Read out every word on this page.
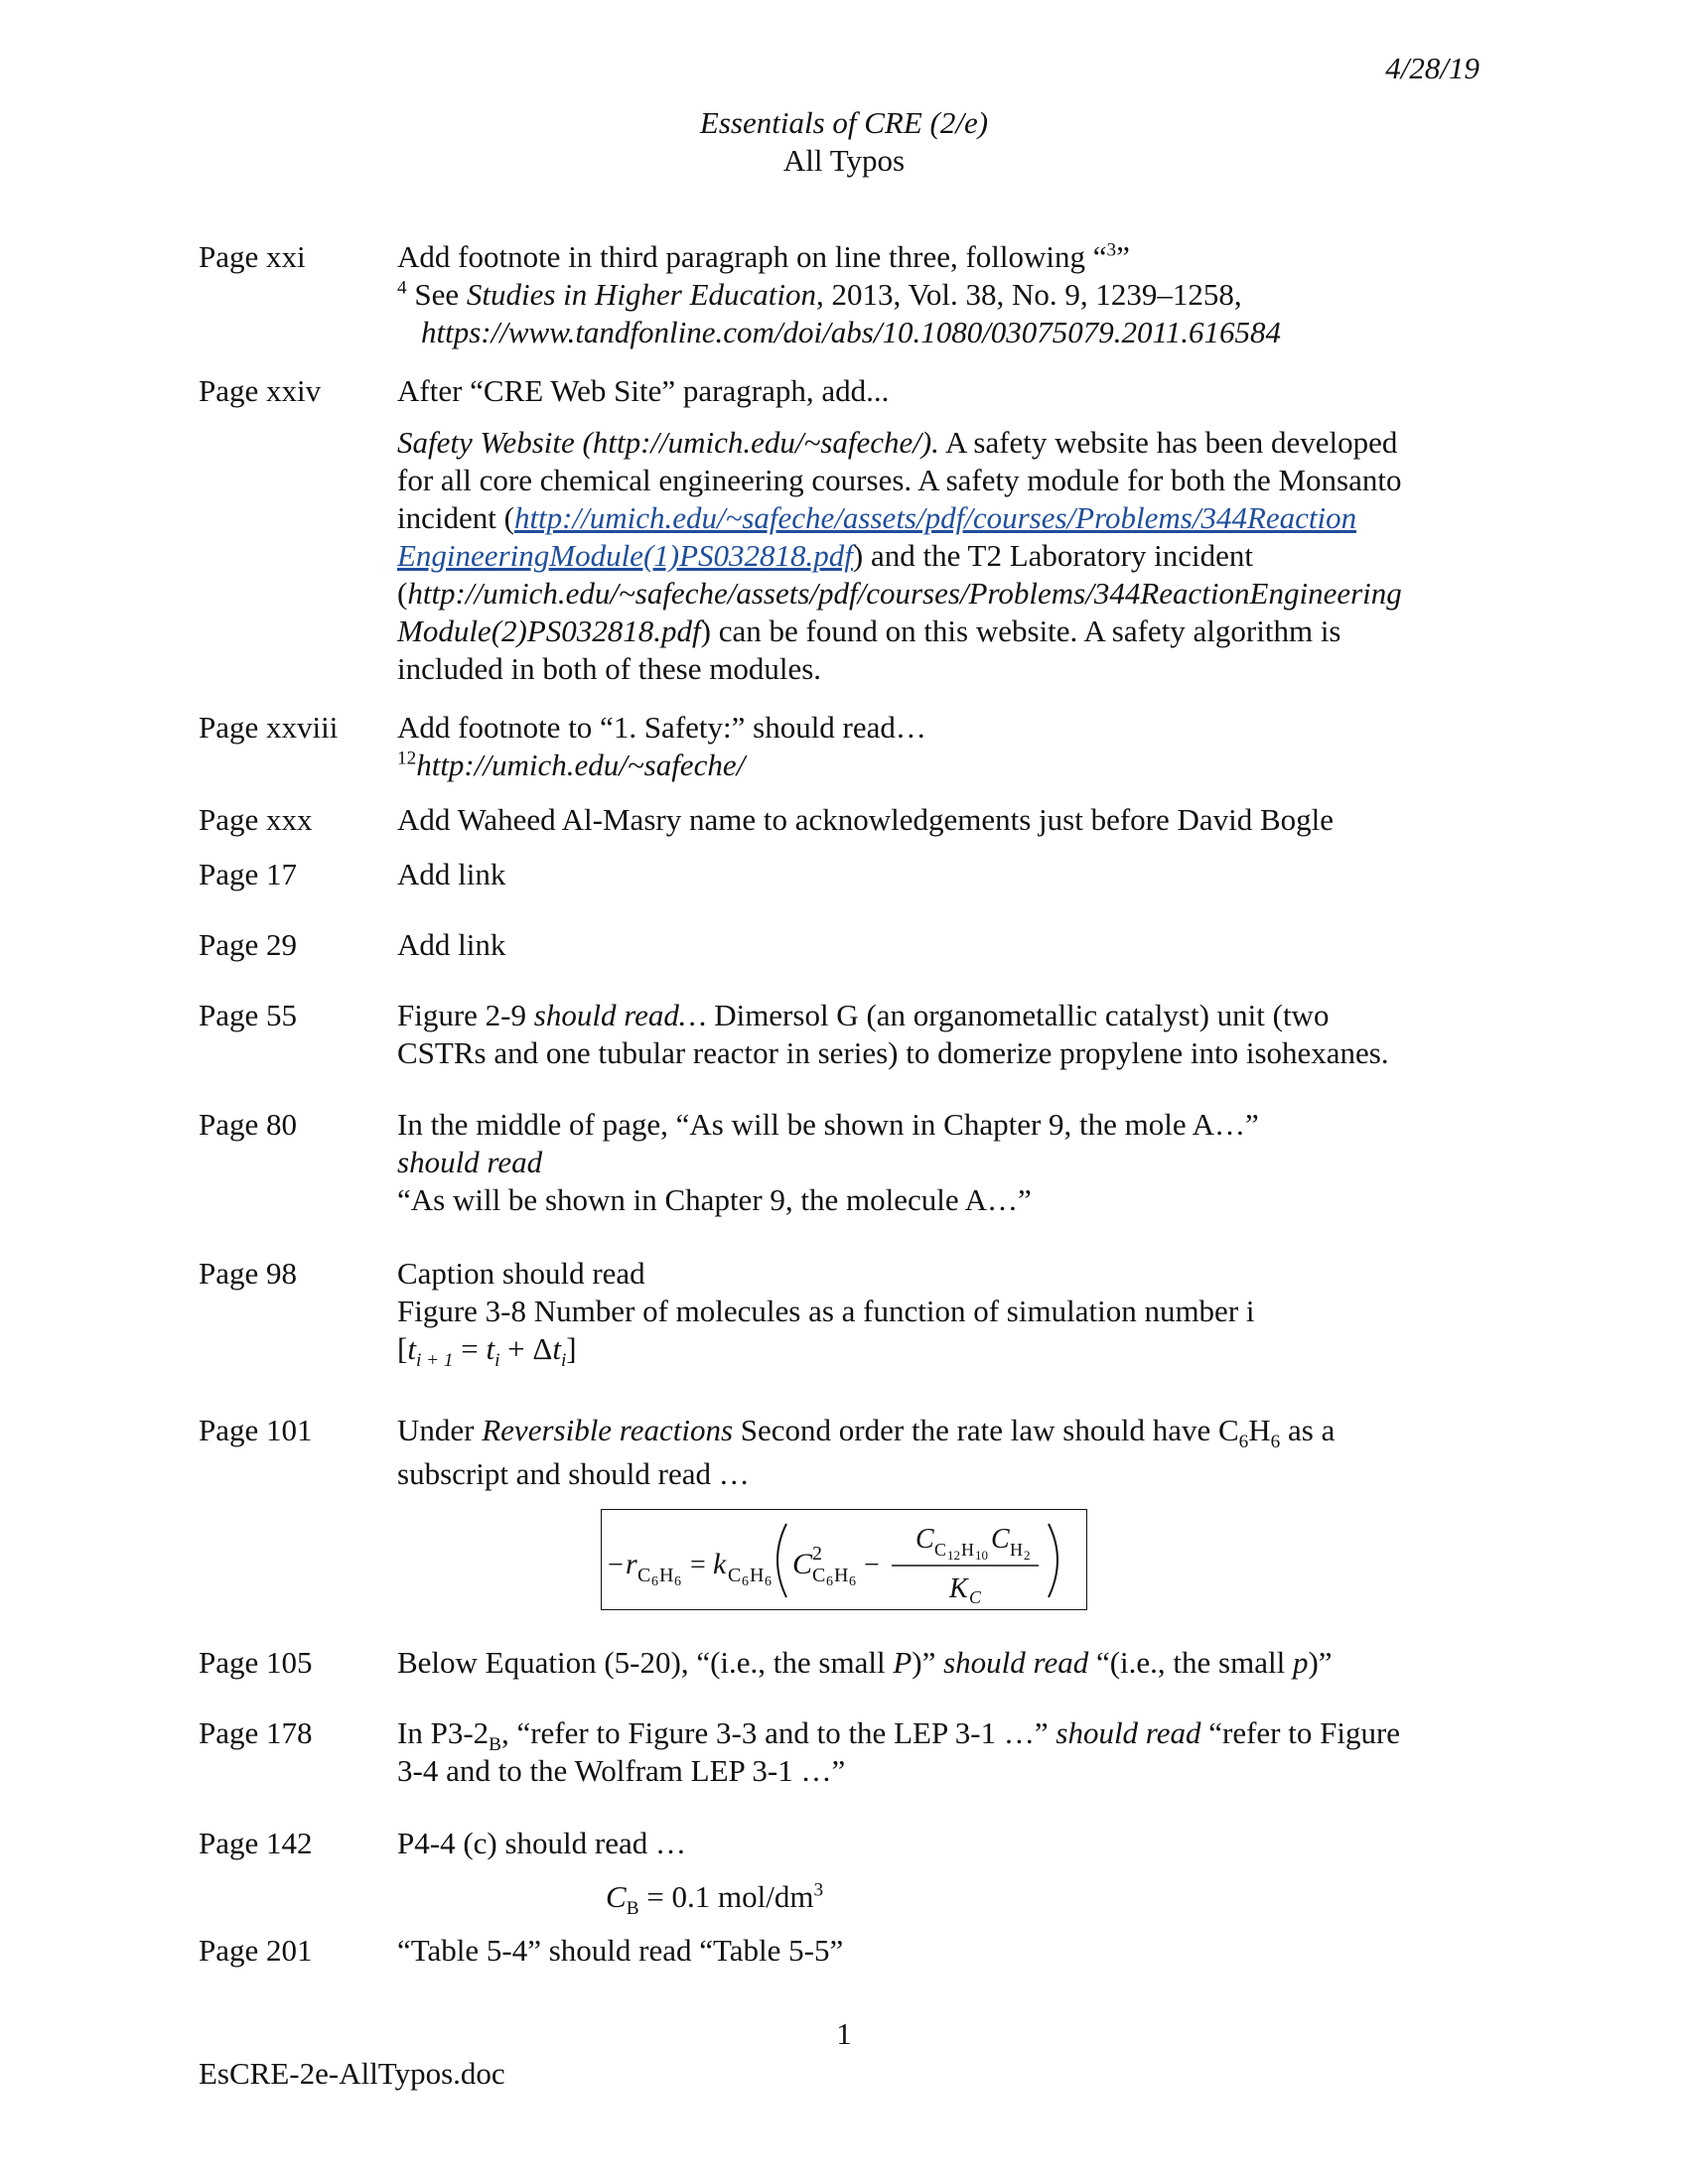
4/28/19
Essentials of CRE (2/e)
All Typos
Page xxi	Add footnote in third paragraph on line three, following “$^3$”
$^4$ See Studies in Higher Education, 2013, Vol. 38, No. 9, 1239–1258,
https://www.tandfonline.com/doi/abs/10.1080/03075079.2011.616584
Page xxiv	After “CRE Web Site” paragraph, add...
Safety Website (http://umich.edu/~safeche/). A safety website has been developed
for all core chemical engineering courses. A safety module for both the Monsanto
incident (http://umich.edu/~safeche/assets/pdf/courses/Problems/344Reaction
EngineeringModule(1)PS032818.pdf) and the T2 Laboratory incident
(http://umich.edu/~safeche/assets/pdf/courses/Problems/344ReactionEngineering
Module(2)PS032818.pdf) can be found on this website. A safety algorithm is
included in both of these modules.
Page xxviii	Add footnote to “1. Safety:” should read…
$^{12}$http://umich.edu/~safeche/
Page xxx	Add Waheed Al-Masry name to acknowledgements just before David Bogle
Page 17	Add link
Page 29	Add link
Page 55	Figure 2-9 should read… Dimersol G (an organometallic catalyst) unit (two
CSTRs and one tubular reactor in series) to domerize propylene into isohexanes.
Page 80	In the middle of page, “As will be shown in Chapter 9, the mole A…”
should read
“As will be shown in Chapter 9, the molecule A…”
Page 98	Caption should read
Figure 3-8 Number of molecules as a function of simulation number i
$[t_{i + 1} = t_i + \Delta t_i]$
Page 101	Under Reversible reactions Second order the rate law should have $C_6H_6$ as a
subscript and should read …
− r C 6 H 6
= k C 6 H 6
C 2
C 6 H 6
−
C C 12 H 10
C H 2
K C
Page 105	Below Equation (5-20), “(i.e., the small P)” should read “(i.e., the small p)”
Page 178	In $P3-2_B$, “refer to Figure 3-3 and to the LEP 3-1 …” should read “refer to Figure
3-4 and to the Wolfram LEP 3-1 …”
Page 142	P4-4 (c) should read …
$C_B = 0.1$ mol/$dm^3$
Page 201	“Table 5-4” should read “Table 5-5”
1
EsCRE-2e-AllTypos.doc
